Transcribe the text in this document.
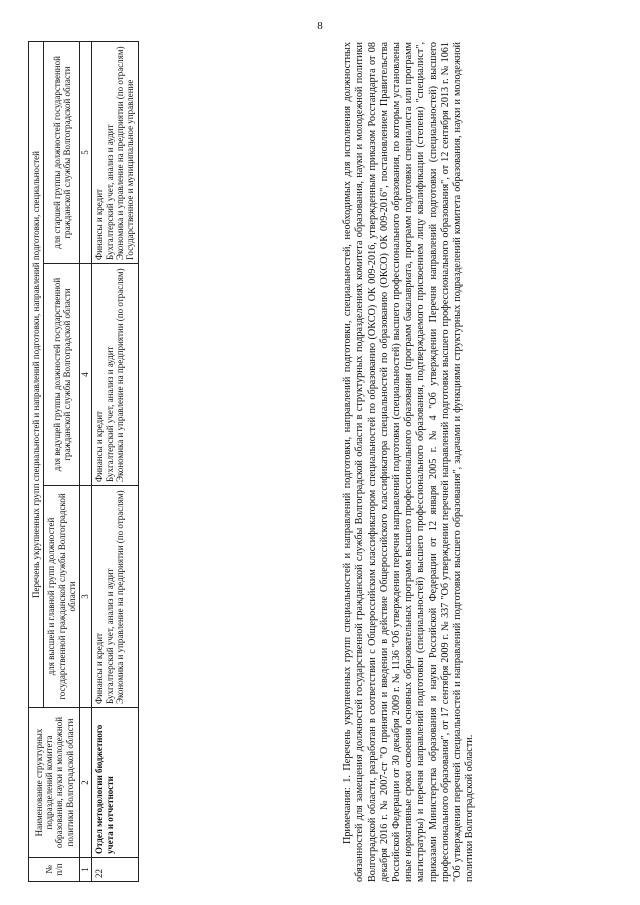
8
№ п/п	Наименование структурных подразделений комитета образования, науки и молодежной политики Волгоградской области	Перечень укрупненных групп специальностей и направлений подготовки, направлений подготовки, специальностей		
		для высшей и главной групп должностей государственной гражданской службы Волгоградской области	для ведущей группы должностей государственной гражданской службы Волгоградской области	для старшей группы должностей государственной гражданской службы Волгоградской области
1	2	3	4	5
22	Отдел методологии бюджетного учета и отчетности	Финансы и кредит Бухгалтерский учет, анализ и аудит Экономика и управление на предприятии (по отраслям)	Финансы и кредит Бухгалтерский учет, анализ и аудит Экономика и управление на предприятии (по отраслям)	Финансы и кредит Бухгалтерский учет, анализ и аудит Экономика и управление на предприятии (по отраслям) Государственное и муниципальное управление	Примечания: 1. Перечень укрупненных групп специальностей и направлений подготовки, направлений подготовки, специальностей, необходимых для исполнения должностных обязанностей для замещения должностей государственной гражданской службы Волгоградской области в структурных подразделениях комитета образования, науки и молодежной политики Волгоградской области, разработан в соответствии с Общероссийским классификатором специальностей по образованию (ОКСО) ОК 009-2016, утвержденным приказом Росстандарта от 08 декабря 2016 г. № 2007-ст "О принятии и введении в действие Общероссийского классификатора специальностей по образованию (ОКСО) ОК 009-2016", постановлением Правительства Российской Федерации от 30 декабря 2009 г. № 1136 "Об утверждении перечня направлений подготовки (специальностей) высшего профессионального образования, по которым установлены иные нормативные сроки освоения основных образовательных программ высшего профессионального образования (программ бакалавриата, программ подготовки специалиста или программ магистратуры) и перечня направлений подготовки (специальностей) высшего профессионального образования, подтверждаемого присвоением лицу квалификации (степени) "специалист", приказами Министерства образования и науки Российской Федерации от 12 января 2005 г. № 4 "Об утверждении Перечня направлений подготовки (специальностей) высшего профессионального образования", от 17 сентября 2009 г. № 337 "Об утверждении перечней направлений подготовки высшего профессионального образования", от 12 сентября 2013 г. № 1061 "Об утверждении перечней специальностей и направлений подготовки высшего образования", задачами и функциями структурных подразделений комитета образования, науки и молодежной политики Волгоградской области.
